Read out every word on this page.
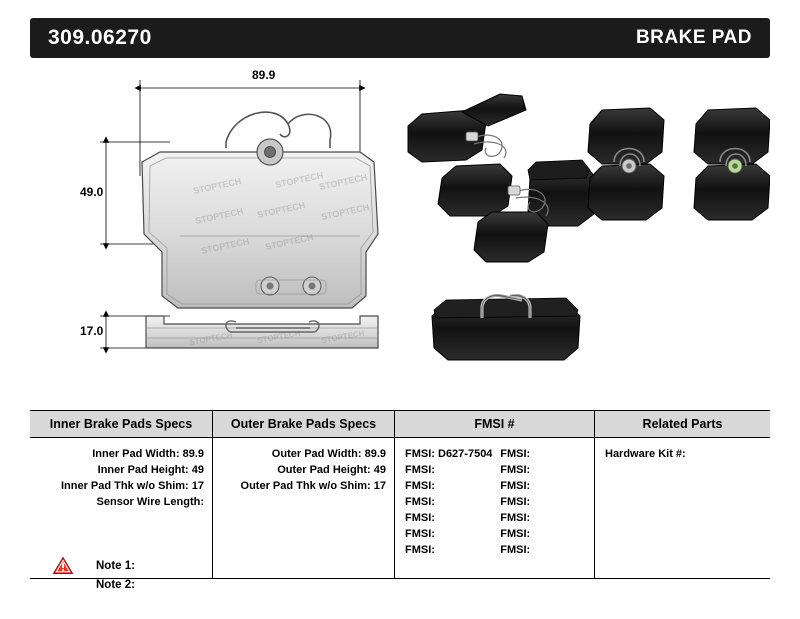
309.06270	BRAKE PAD
STOPTECH	STOPTECH
STOPTECH
STOPTECH STOPTECH STOPTECH
STOPTECH STOPTECH
STOPTECH	STOPTECH STOPTECH
89.9
49.0
17.0
Inner Brake Pads Specs
Inner Pad Width: 89.9
Inner Pad Height: 49
Inner Pad Thk w/o Shim: 17
Sensor Wire Length:
Outer Brake Pads Specs
Outer Pad Width: 89.9
Outer Pad Height: 49
Outer Pad Thk w/o Shim: 17
FMSI #
FMSI: D627-7504 FMSI:
FMSI:	FMSI:
FMSI:	FMSI:
FMSI:	FMSI:
FMSI:	FMSI:
FMSI:	FMSI:
FMSI:	FMSI:
Related Parts
Hardware Kit #:
Note 1:
Note 2:
